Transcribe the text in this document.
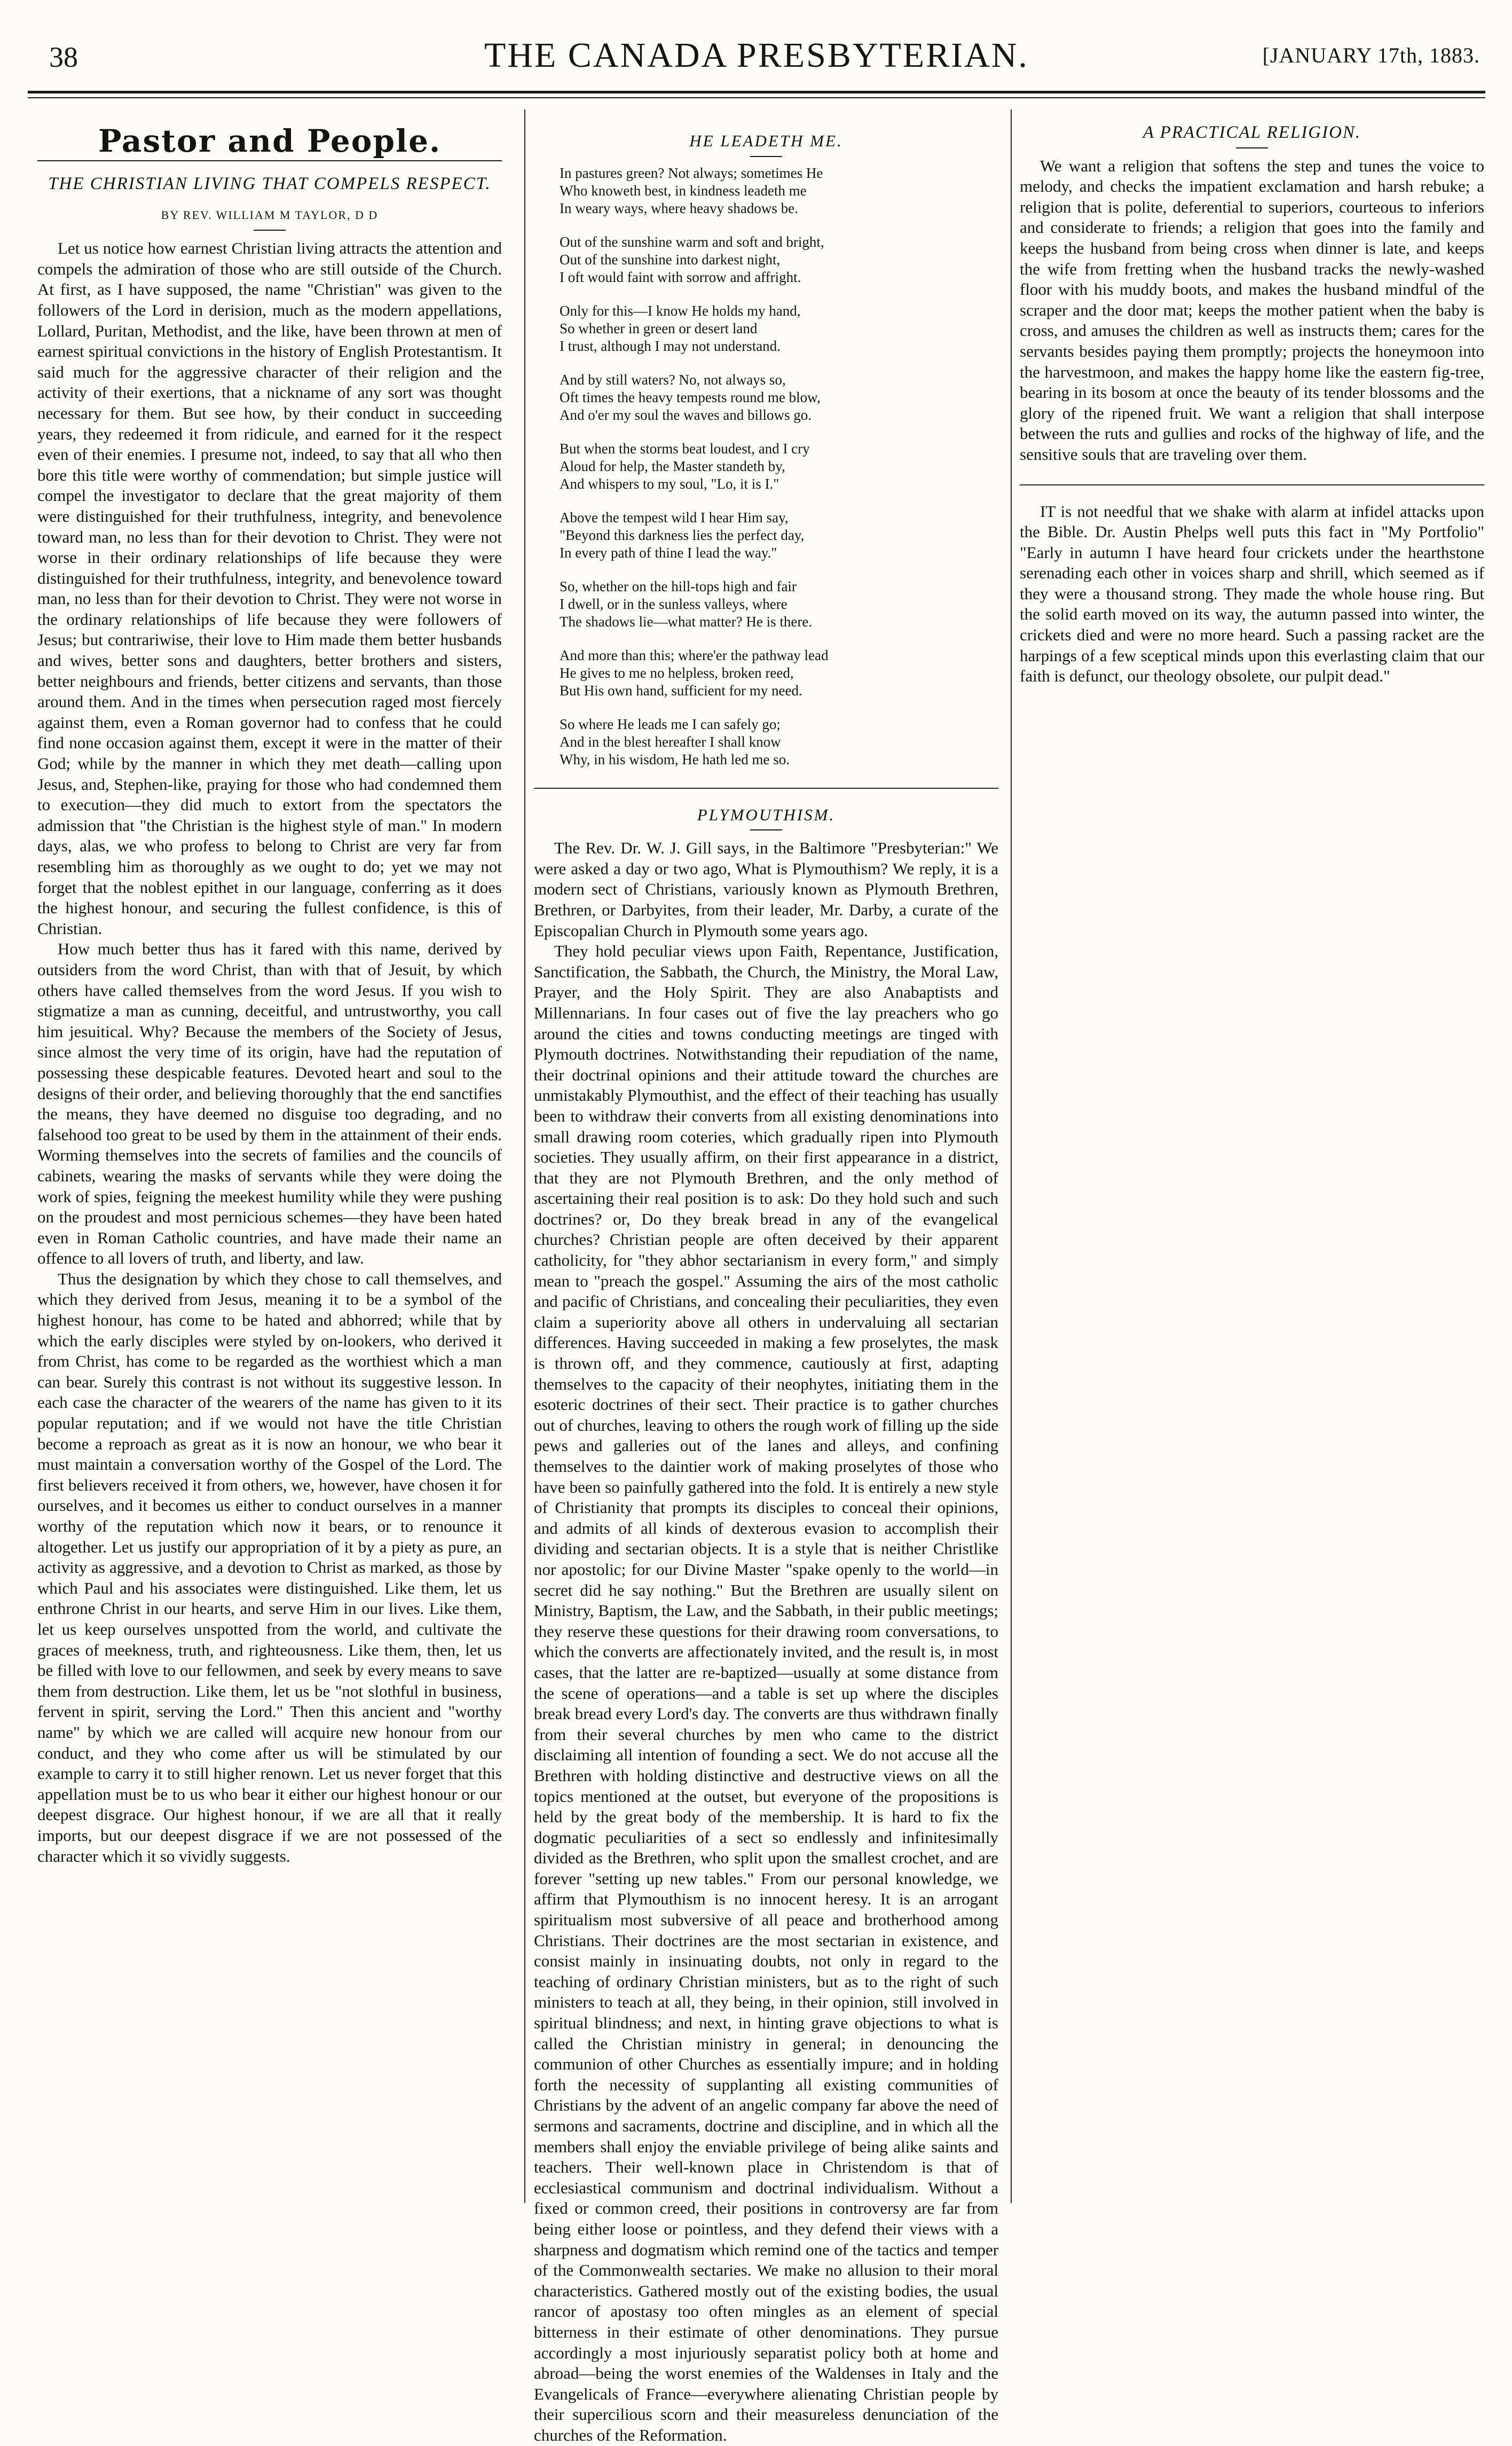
38	THE CANADA PRESBYTERIAN.	[JANUARY 17th, 1883.
Pastor and People.
THE CHRISTIAN LIVING THAT COMPELS RESPECT.
BY REV. WILLIAM M TAYLOR, D D

Let us notice how earnest Christian living attracts the attention and compels the admiration of those who are still outside of the Church. At first, as I have supposed, the name "Christian" was given to the followers of the Lord in derision, much as the modern appellations, Lollard, Puritan, Methodist, and the like, have been thrown at men of earnest spiritual convictions in the history of English Protestantism. It said much for the aggressive character of their religion and the activity of their exertions, that a nickname of any sort was thought necessary for them. But see how, by their conduct in succeeding years, they redeemed it from ridicule, and earned for it the respect even of their enemies. I presume not, indeed, to say that all who then bore this title were worthy of commendation; but simple justice will compel the investigator to declare that the great majority of them were distinguished for their truthfulness, integrity, and benevolence toward man, no less than for their devotion to Christ. They were not worse in their ordinary relationships of life because they were distinguished for their truthfulness, integrity, and benevolence toward man, no less than for their devotion to Christ. They were not worse in the ordinary relationships of life because they were followers of Jesus; but contrariwise, their love to Him made them better husbands and wives, better sons and daughters, better brothers and sisters, better neighbours and friends, better citizens and servants, than those around them. And in the times when persecution raged most fiercely against them, even a Roman governor had to confess that he could find none occasion against them, except it were in the matter of their God; while by the manner in which they met death—calling upon Jesus, and, Stephen-like, praying for those who had condemned them to execution—they did much to extort from the spectators the admission that "the Christian is the highest style of man." In modern days, alas, we who profess to belong to Christ are very far from resembling him as thoroughly as we ought to do; yet we may not forget that the noblest epithet in our language, conferring as it does the highest honour, and securing the fullest confidence, is this of Christian.

How much better thus has it fared with this name, derived by outsiders from the word Christ, than with that of Jesuit, by which others have called themselves from the word Jesus. If you wish to stigmatize a man as cunning, deceitful, and untrustworthy, you call him jesuitical. Why? Because the members of the Society of Jesus, since almost the very time of its origin, have had the reputation of possessing these despicable features. Devoted heart and soul to the designs of their order, and believing thoroughly that the end sanctifies the means, they have deemed no disguise too degrading, and no falsehood too great to be used by them in the attainment of their ends. Worming themselves into the secrets of families and the councils of cabinets, wearing the masks of servants while they were doing the work of spies, feigning the meekest humility while they were pushing on the proudest and most pernicious schemes—they have been hated even in Roman Catholic countries, and have made their name an offence to all lovers of truth, and liberty, and law.

Thus the designation by which they chose to call themselves, and which they derived from Jesus, meaning it to be a symbol of the highest honour, has come to be hated and abhorred; while that by which the early disciples were styled by on-lookers, who derived it from Christ, has come to be regarded as the worthiest which a man can bear. Surely this contrast is not without its suggestive lesson. In each case the character of the wearers of the name has given to it its popular reputation; and if we would not have the title Christian become a reproach as great as it is now an honour, we who bear it must maintain a conversation worthy of the Gospel of the Lord. The first believers received it from others, we, however, have chosen it for ourselves, and it becomes us either to conduct ourselves in a manner worthy of the reputation which now it bears, or to renounce it altogether. Let us justify our appropriation of it by a piety as pure, an activity as aggressive, and a devotion to Christ as marked, as those by which Paul and his associates were distinguished. Like them, let us enthrone Christ in our hearts, and serve Him in our lives. Like them, let us keep ourselves unspotted from the world, and cultivate the graces of meekness, truth, and righteousness. Like them, then, let us be filled with love to our fellowmen, and seek by every means to save them from destruction. Like them, let us be "not slothful in business, fervent in spirit, serving the Lord." Then this ancient and "worthy name" by which we are called will acquire new honour from our conduct, and they who come after us will be stimulated by our example to carry it to still higher renown. Let us never forget that this appellation must be to us who bear it either our highest honour or our deepest disgrace. Our highest honour, if we are all that it really imports, but our deepest disgrace if we are not possessed of the character which it so vividly suggests.

HE LEADETH ME.
In pastures green? Not always; sometimes He
Who knoweth best, in kindness leadeth me
In weary ways, where heavy shadows be.
Out of the sunshine warm and soft and bright,
Out of the sunshine into darkest night,
I oft would faint with sorrow and affright.
Only for this—I know He holds my hand,
So whether in green or desert land
I trust, although I may not understand.
And by still waters? No, not always so,
Oft times the heavy tempests round me blow,
And o'er my soul the waves and billows go.
But when the storms beat loudest, and I cry
Aloud for help, the Master standeth by,
And whispers to my soul, "Lo, it is I."
Above the tempest wild I hear Him say,
"Beyond this darkness lies the perfect day,
In every path of thine I lead the way."
So, whether on the hill-tops high and fair
I dwell, or in the sunless valleys, where
The shadows lie—what matter? He is there.
And more than this; where'er the pathway lead
He gives to me no helpless, broken reed,
But His own hand, sufficient for my need.
So where He leads me I can safely go;
And in the blest hereafter I shall know
Why, in his wisdom, He hath led me so.
PLYMOUTHISM.

The Rev. Dr. W. J. Gill says, in the Baltimore "Presbyterian:" We were asked a day or two ago, What is Plymouthism? We reply, it is a modern sect of Christians, variously known as Plymouth Brethren, Brethren, or Darbyites, from their leader, Mr. Darby, a curate of the Episcopalian Church in Plymouth some years ago.

They hold peculiar views upon Faith, Repentance, Justification, Sanctification, the Sabbath, the Church, the Ministry, the Moral Law, Prayer, and the Holy Spirit. They are also Anabaptists and Millennarians. In four cases out of five the lay preachers who go around the cities and towns conducting meetings are tinged with Plymouth doctrines. Notwithstanding their repudiation of the name, their doctrinal opinions and their attitude toward the churches are unmistakably Plymouthist, and the effect of their teaching has usually been to withdraw their converts from all existing denominations into small drawing room coteries, which gradually ripen into Plymouth societies. They usually affirm, on their first appearance in a district, that they are not Plymouth Brethren, and the only method of ascertaining their real position is to ask: Do they hold such and such doctrines? or, Do they break bread in any of the evangelical churches? Christian people are often deceived by their apparent catholicity, for "they abhor sectarianism in every form," and simply mean to "preach the gospel." Assuming the airs of the most catholic and pacific of Christians, and concealing their peculiarities, they even claim a superiority above all others in undervaluing all sectarian differences. Having succeeded in making a few proselytes, the mask is thrown off, and they commence, cautiously at first, adapting themselves to the capacity of their neophytes, initiating them in the esoteric doctrines of their sect. Their practice is to gather churches out of churches, leaving to others the rough work of filling up the side pews and galleries out of the lanes and alleys, and confining themselves to the daintier work of making proselytes of those who have been so painfully gathered into the fold. It is entirely a new style of Christianity that prompts its disciples to conceal their opinions, and admits of all kinds of dexterous evasion to accomplish their dividing and sectarian objects. It is a style that is neither Christlike nor apostolic; for our Divine Master "spake openly to the world—in secret did he say nothing." But the Brethren are usually silent on Ministry, Baptism, the Law, and the Sabbath, in their public meetings; they reserve these questions for their drawing room conversations, to which the converts are affectionately invited, and the result is, in most cases, that the latter are re-baptized—usually at some distance from the scene of operations—and a table is set up where the disciples break bread every Lord's day. The converts are thus withdrawn finally from their several churches by men who came to the district disclaiming all intention of founding a sect. We do not accuse all the Brethren with holding distinctive and destructive views on all the topics mentioned at the outset, but everyone of the propositions is held by the great body of the membership. It is hard to fix the dogmatic peculiarities of a sect so endlessly and infinitesimally divided as the Brethren, who split upon the smallest crochet, and are forever "setting up new tables." From our personal knowledge, we affirm that Plymouthism is no innocent heresy. It is an arrogant spiritualism most subversive of all peace and brotherhood among Christians. Their doctrines are the most sectarian in existence, and consist mainly in insinuating doubts, not only in regard to the teaching of ordinary Christian ministers, but as to the right of such ministers to teach at all, they being, in their opinion, still involved in spiritual blindness; and next, in hinting grave objections to what is called the Christian ministry in general; in denouncing the communion of other Churches as essentially impure; and in holding forth the necessity of supplanting all existing communities of Christians by the advent of an angelic company far above the need of sermons and sacraments, doctrine and discipline, and in which all the members shall enjoy the enviable privilege of being alike saints and teachers. Their well-known place in Christendom is that of ecclesiastical communism and doctrinal individualism. Without a fixed or common creed, their positions in controversy are far from being either loose or pointless, and they defend their views with a sharpness and dogmatism which remind one of the tactics and temper of the Commonwealth sectaries. We make no allusion to their moral characteristics. Gathered mostly out of the existing bodies, the usual rancor of apostasy too often mingles as an element of special bitterness in their estimate of other denominations. They pursue accordingly a most injuriously separatist policy both at home and abroad—being the worst enemies of the Waldenses in Italy and the Evangelicals of France—everywhere alienating Christian people by their supercilious scorn and their measureless denunciation of the churches of the Reformation.

A PRACTICAL RELIGION.

We want a religion that softens the step and tunes the voice to melody, and checks the impatient exclamation and harsh rebuke; a religion that is polite, deferential to superiors, courteous to inferiors and considerate to friends; a religion that goes into the family and keeps the husband from being cross when dinner is late, and keeps the wife from fretting when the husband tracks the newly-washed floor with his muddy boots, and makes the husband mindful of the scraper and the door mat; keeps the mother patient when the baby is cross, and amuses the children as well as instructs them; cares for the servants besides paying them promptly; projects the honeymoon into the harvestmoon, and makes the happy home like the eastern fig-tree, bearing in its bosom at once the beauty of its tender blossoms and the glory of the ripened fruit. We want a religion that shall interpose between the ruts and gullies and rocks of the highway of life, and the sensitive souls that are traveling over them.

IT is not needful that we shake with alarm at infidel attacks upon the Bible. Dr. Austin Phelps well puts this fact in "My Portfolio" "Early in autumn I have heard four crickets under the hearthstone serenading each other in voices sharp and shrill, which seemed as if they were a thousand strong. They made the whole house ring. But the solid earth moved on its way, the autumn passed into winter, the crickets died and were no more heard. Such a passing racket are the harpings of a few sceptical minds upon this everlasting claim that our faith is defunct, our theology obsolete, our pulpit dead."
